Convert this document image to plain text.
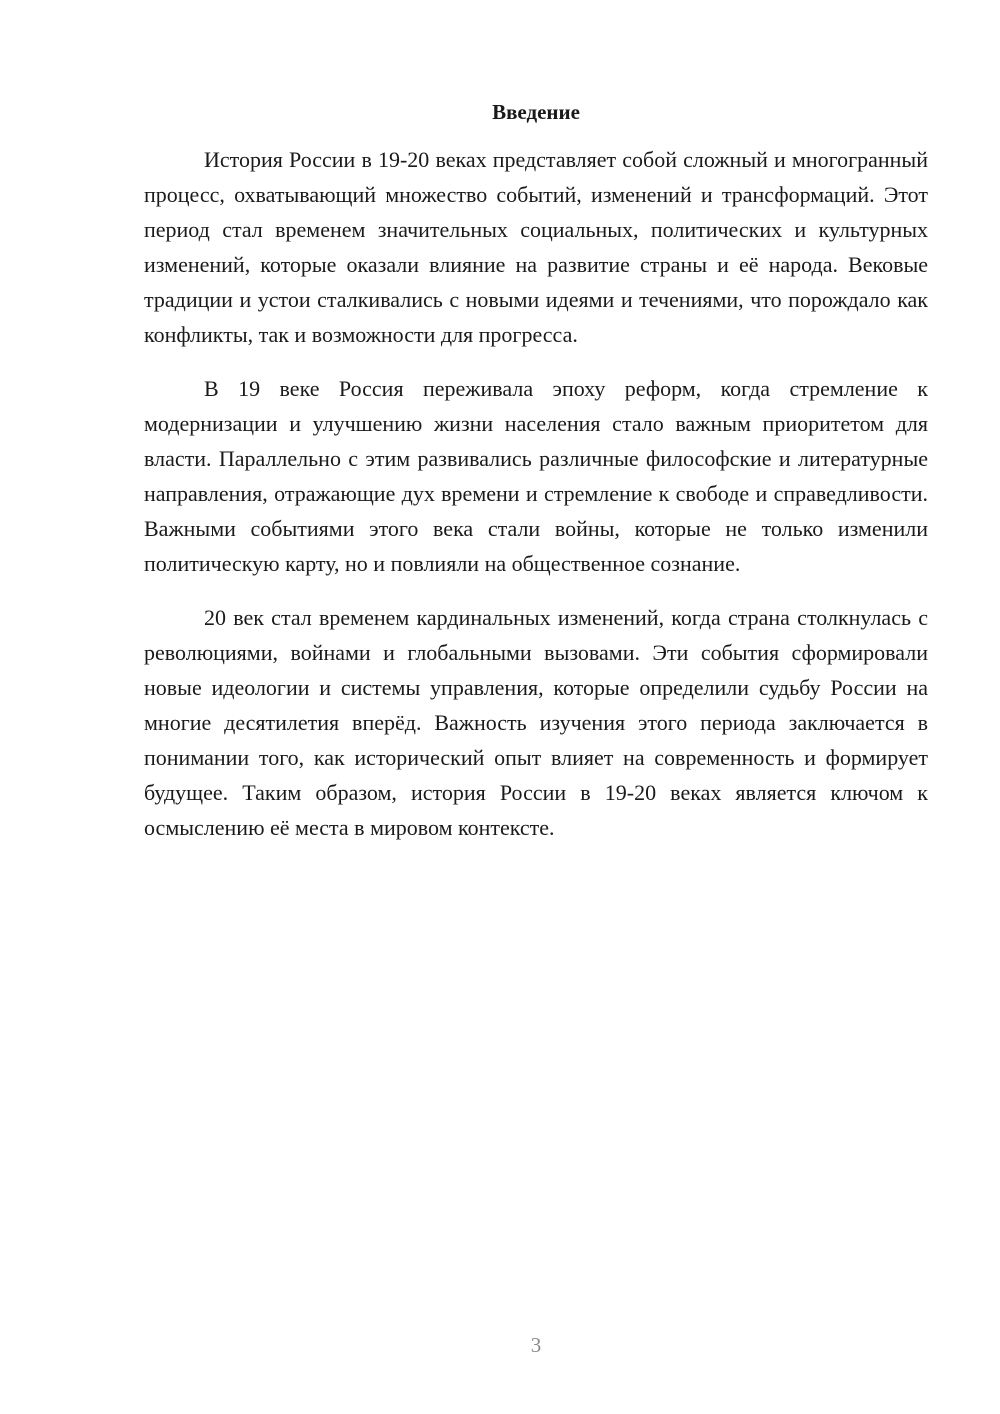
Введение

История России в 19-20 веках представляет собой сложный и многогранный процесс, охватывающий множество событий, изменений и трансформаций. Этот период стал временем значительных социальных, политических и культурных изменений, которые оказали влияние на развитие страны и её народа. Вековые традиции и устои сталкивались с новыми идеями и течениями, что порождало как конфликты, так и возможности для прогресса.

В 19 веке Россия переживала эпоху реформ, когда стремление к модернизации и улучшению жизни населения стало важным приоритетом для власти. Параллельно с этим развивались различные философские и литературные направления, отражающие дух времени и стремление к свободе и справедливости. Важными событиями этого века стали войны, которые не только изменили политическую карту, но и повлияли на общественное сознание.

20 век стал временем кардинальных изменений, когда страна столкнулась с революциями, войнами и глобальными вызовами. Эти события сформировали новые идеологии и системы управления, которые определили судьбу России на многие десятилетия вперёд. Важность изучения этого периода заключается в понимании того, как исторический опыт влияет на современность и формирует будущее. Таким образом, история России в 19-20 веках является ключом к осмыслению её места в мировом контексте.

3
